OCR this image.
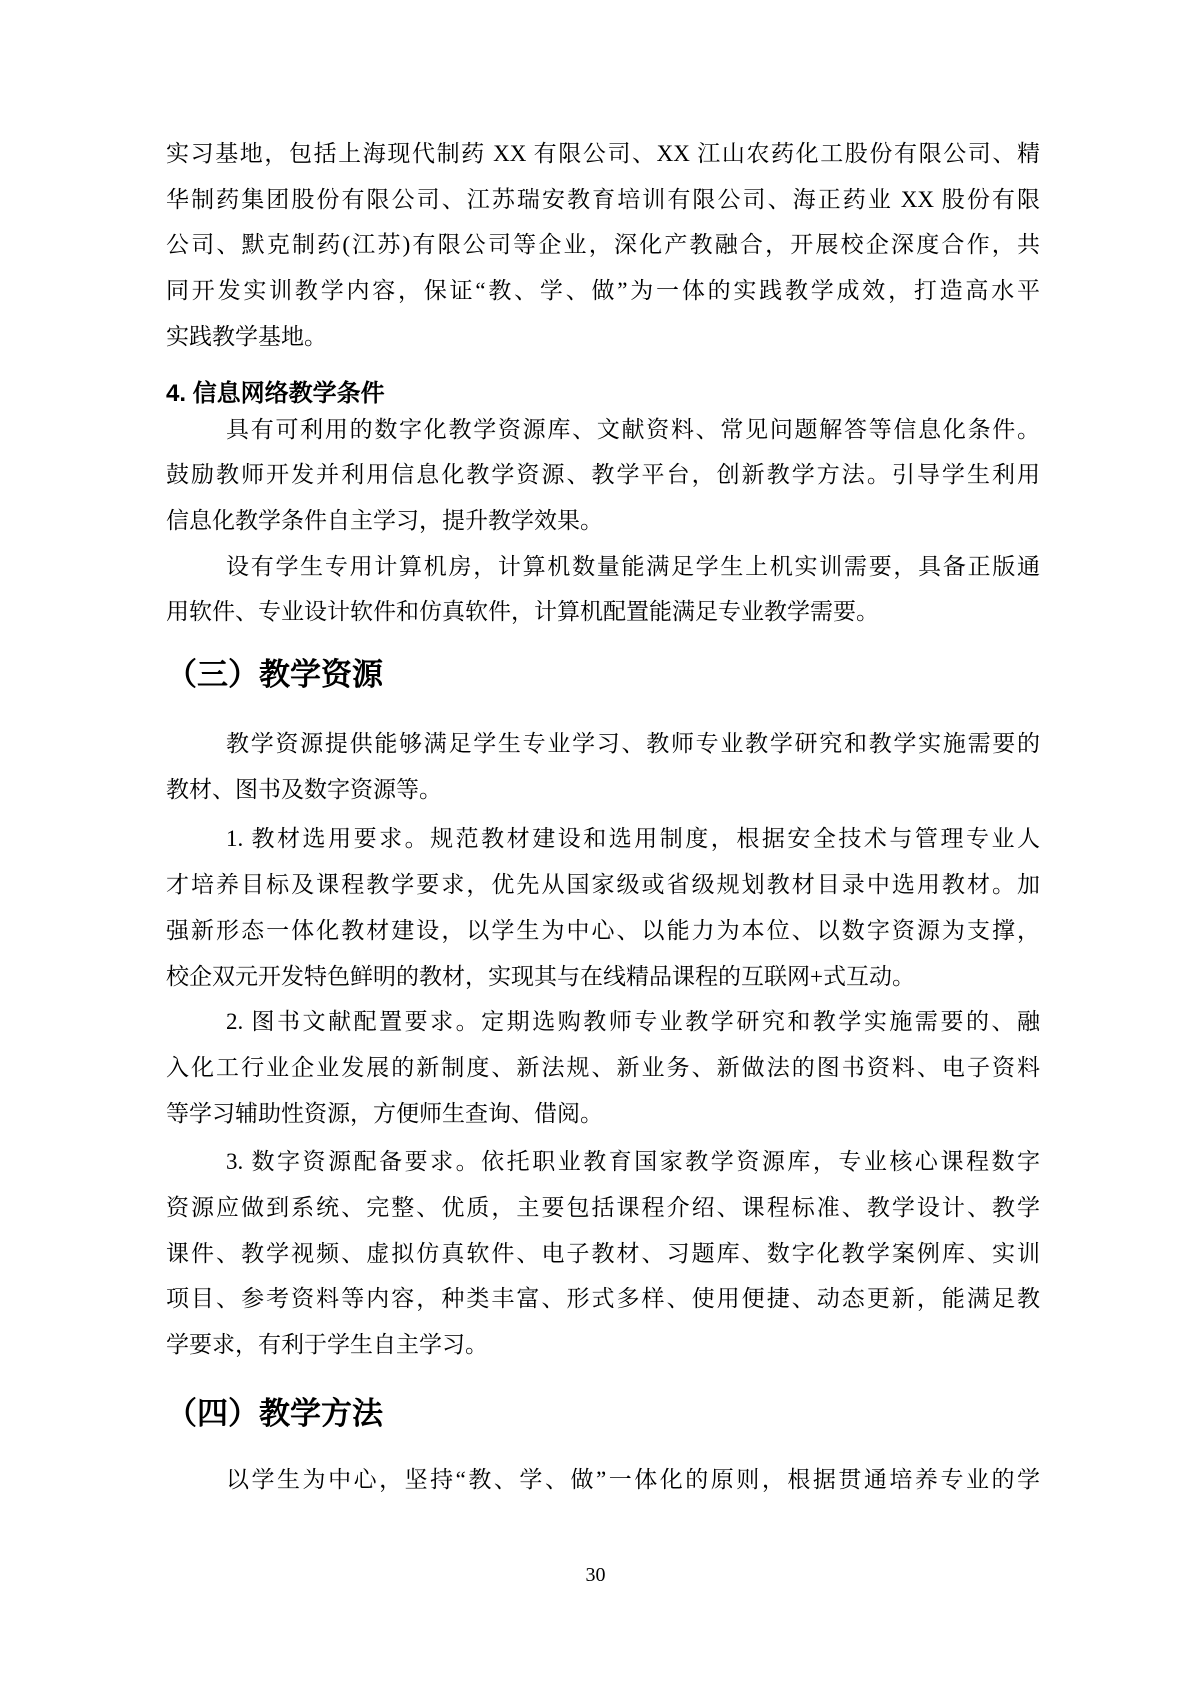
实习基地，包括上海现代制药 XX 有限公司、XX 江山农药化工股份有限公司、精
华制药集团股份有限公司、江苏瑞安教育培训有限公司、海正药业 XX 股份有限
公司、默克制药(江苏)有限公司等企业，深化产教融合，开展校企深度合作，共
同开发实训教学内容，保证“教、学、做”为一体的实践教学成效，打造高水平
实践教学基地。
4. 信息网络教学条件
具有可利用的数字化教学资源库、文献资料、常见问题解答等信息化条件。
鼓励教师开发并利用信息化教学资源、教学平台，创新教学方法。引导学生利用
信息化教学条件自主学习，提升教学效果。
设有学生专用计算机房，计算机数量能满足学生上机实训需要，具备正版通
用软件、专业设计软件和仿真软件，计算机配置能满足专业教学需要。
（三）教学资源
教学资源提供能够满足学生专业学习、教师专业教学研究和教学实施需要的
教材、图书及数字资源等。
1. 教材选用要求。规范教材建设和选用制度，根据安全技术与管理专业人
才培养目标及课程教学要求，优先从国家级或省级规划教材目录中选用教材。加
强新形态一体化教材建设，以学生为中心、以能力为本位、以数字资源为支撑，
校企双元开发特色鲜明的教材，实现其与在线精品课程的互联网+式互动。
2. 图书文献配置要求。定期选购教师专业教学研究和教学实施需要的、融
入化工行业企业发展的新制度、新法规、新业务、新做法的图书资料、电子资料
等学习辅助性资源，方便师生查询、借阅。
3. 数字资源配备要求。依托职业教育国家教学资源库，专业核心课程数字
资源应做到系统、完整、优质，主要包括课程介绍、课程标准、教学设计、教学
课件、教学视频、虚拟仿真软件、电子教材、习题库、数字化教学案例库、实训
项目、参考资料等内容，种类丰富、形式多样、使用便捷、动态更新，能满足教
学要求，有利于学生自主学习。
（四）教学方法
以学生为中心，坚持“教、学、做”一体化的原则，根据贯通培养专业的学
30
